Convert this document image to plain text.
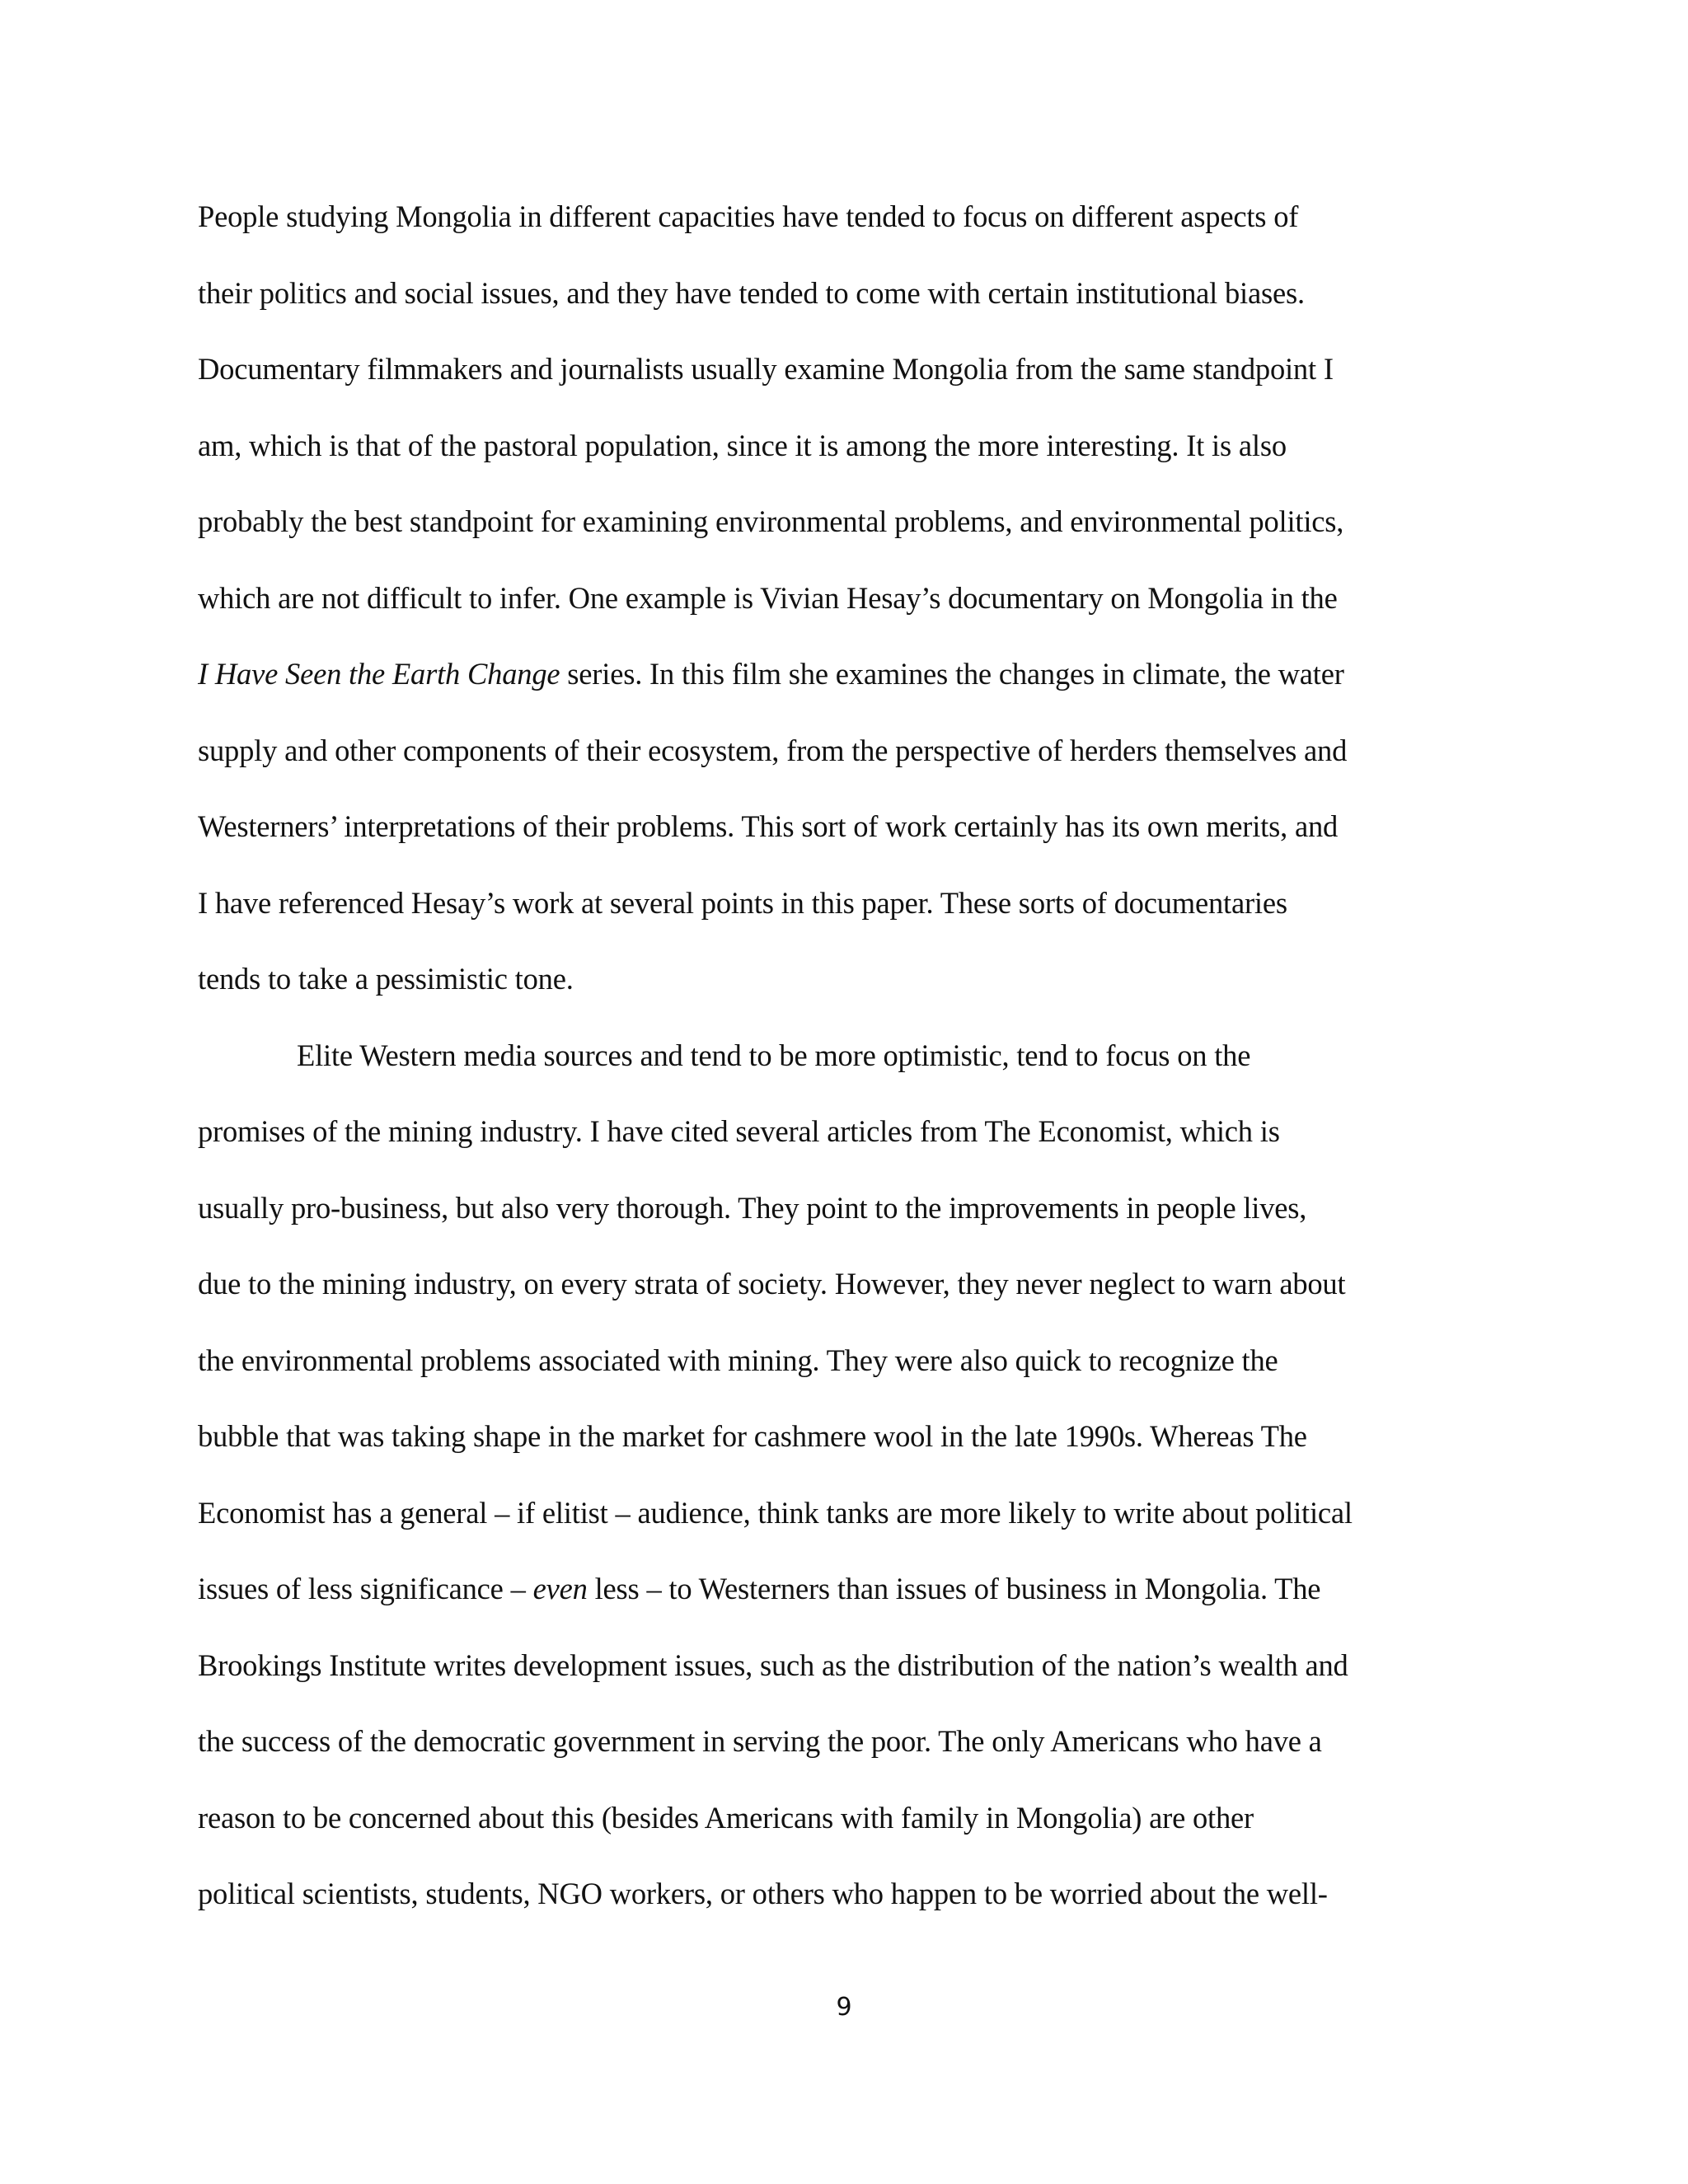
People studying Mongolia in different capacities have tended to focus on different aspects of
their politics and social issues, and they have tended to come with certain institutional biases.
Documentary filmmakers and journalists usually examine Mongolia from the same standpoint I
am, which is that of the pastoral population, since it is among the more interesting. It is also
probably the best standpoint for examining environmental problems, and environmental politics,
which are not difficult to infer. One example is Vivian Hesay’s documentary on Mongolia in the
I Have Seen the Earth Change series. In this film she examines the changes in climate, the water
supply and other components of their ecosystem, from the perspective of herders themselves and
Westerners’ interpretations of their problems. This sort of work certainly has its own merits, and
I have referenced Hesay’s work at several points in this paper. These sorts of documentaries
tends to take a pessimistic tone.
Elite Western media sources and tend to be more optimistic, tend to focus on the
promises of the mining industry. I have cited several articles from The Economist, which is
usually pro-business, but also very thorough. They point to the improvements in people lives,
due to the mining industry, on every strata of society. However, they never neglect to warn about
the environmental problems associated with mining. They were also quick to recognize the
bubble that was taking shape in the market for cashmere wool in the late 1990s. Whereas The
Economist has a general – if elitist – audience, think tanks are more likely to write about political
issues of less significance – even less – to Westerners than issues of business in Mongolia. The
Brookings Institute writes development issues, such as the distribution of the nation’s wealth and
the success of the democratic government in serving the poor. The only Americans who have a
reason to be concerned about this (besides Americans with family in Mongolia) are other
political scientists, students, NGO workers, or others who happen to be worried about the well-
9
